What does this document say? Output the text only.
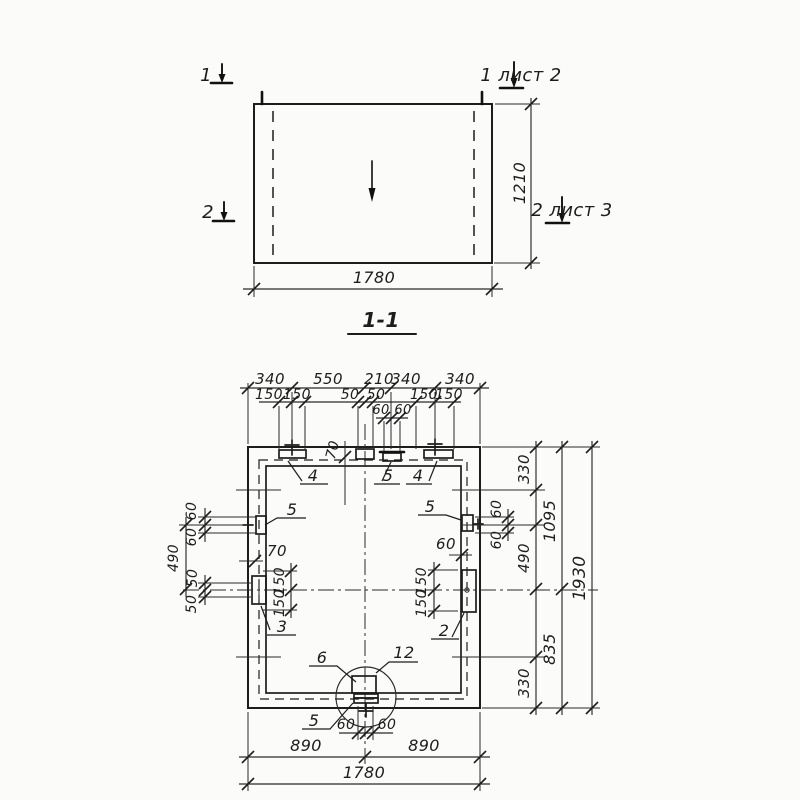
1780
1210
1
2
1 лист 2
2 лист 3
1-1
340 550 210
340 340
150 150 50 50 150
150
60 60
70
60
60
490
50
50
70
150
150
60
150
150
60
60
330
490
330
1095
835
1930
60 60
890	890
1780
4	5 4
5	5
3	2
6	12
5
